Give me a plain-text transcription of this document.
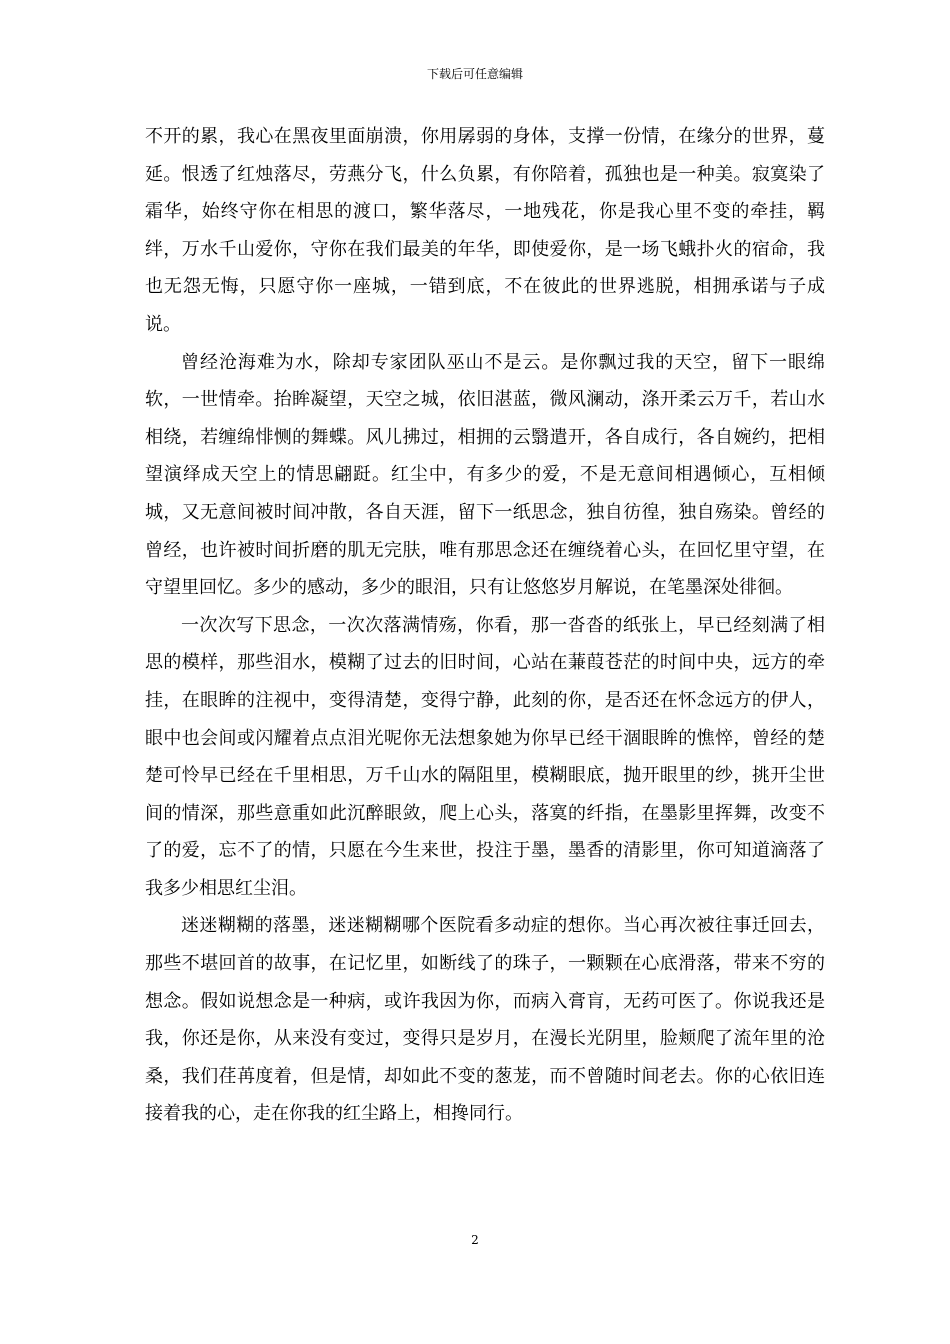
下载后可任意编辑

不开的累，我心在黑夜里面崩溃，你用孱弱的身体，支撑一份情，在缘分的世界，蔓延。恨透了红烛落尽，劳燕分飞，什么负累，有你陪着，孤独也是一种美。寂寞染了霜华，始终守你在相思的渡口，繁华落尽，一地残花，你是我心里不变的牵挂，羁绊，万水千山爱你，守你在我们最美的年华，即使爱你，是一场飞蛾扑火的宿命，我也无怨无悔，只愿守你一座城，一错到底，不在彼此的世界逃脱，相拥承诺与子成说。

曾经沧海难为水，除却专家团队巫山不是云。是你飘过我的天空，留下一眼绵软，一世情牵。抬眸凝望，天空之城，依旧湛蓝，微风澜动，涤开柔云万千，若山水相绕，若缠绵悱恻的舞蝶。风儿拂过，相拥的云翳遣开，各自成行，各自婉约，把相望演绎成天空上的情思翩跹。红尘中，有多少的爱，不是无意间相遇倾心，互相倾城，又无意间被时间冲散，各自天涯，留下一纸思念，独自彷徨，独自殇染。曾经的曾经，也许被时间折磨的肌无完肤，唯有那思念还在缠绕着心头，在回忆里守望，在守望里回忆。多少的感动，多少的眼泪，只有让悠悠岁月解说，在笔墨深处徘徊。

一次次写下思念，一次次落满情殇，你看，那一沓沓的纸张上，早已经刻满了相思的模样，那些泪水，模糊了过去的旧时间，心站在蒹葭苍茫的时间中央，远方的牵挂，在眼眸的注视中，变得清楚，变得宁静，此刻的你，是否还在怀念远方的伊人，眼中也会间或闪耀着点点泪光呢你无法想象她为你早已经干涸眼眸的憔悴，曾经的楚楚可怜早已经在千里相思，万千山水的隔阻里，模糊眼底，抛开眼里的纱，挑开尘世间的情深，那些意重如此沉醉眼敛，爬上心头，落寞的纤指，在墨影里挥舞，改变不了的爱，忘不了的情，只愿在今生来世，投注于墨，墨香的清影里，你可知道滴落了我多少相思红尘泪。

迷迷糊糊的落墨，迷迷糊糊哪个医院看多动症的想你。当心再次被往事迁回去，那些不堪回首的故事，在记忆里，如断线了的珠子，一颗颗在心底滑落，带来不穷的想念。假如说想念是一种病，或许我因为你，而病入膏肓，无药可医了。你说我还是我，你还是你，从来没有变过，变得只是岁月，在漫长光阴里，脸颊爬了流年里的沧桑，我们荏苒度着，但是情，却如此不变的葱茏，而不曾随时间老去。你的心依旧连接着我的心，走在你我的红尘路上，相搀同行。

2
